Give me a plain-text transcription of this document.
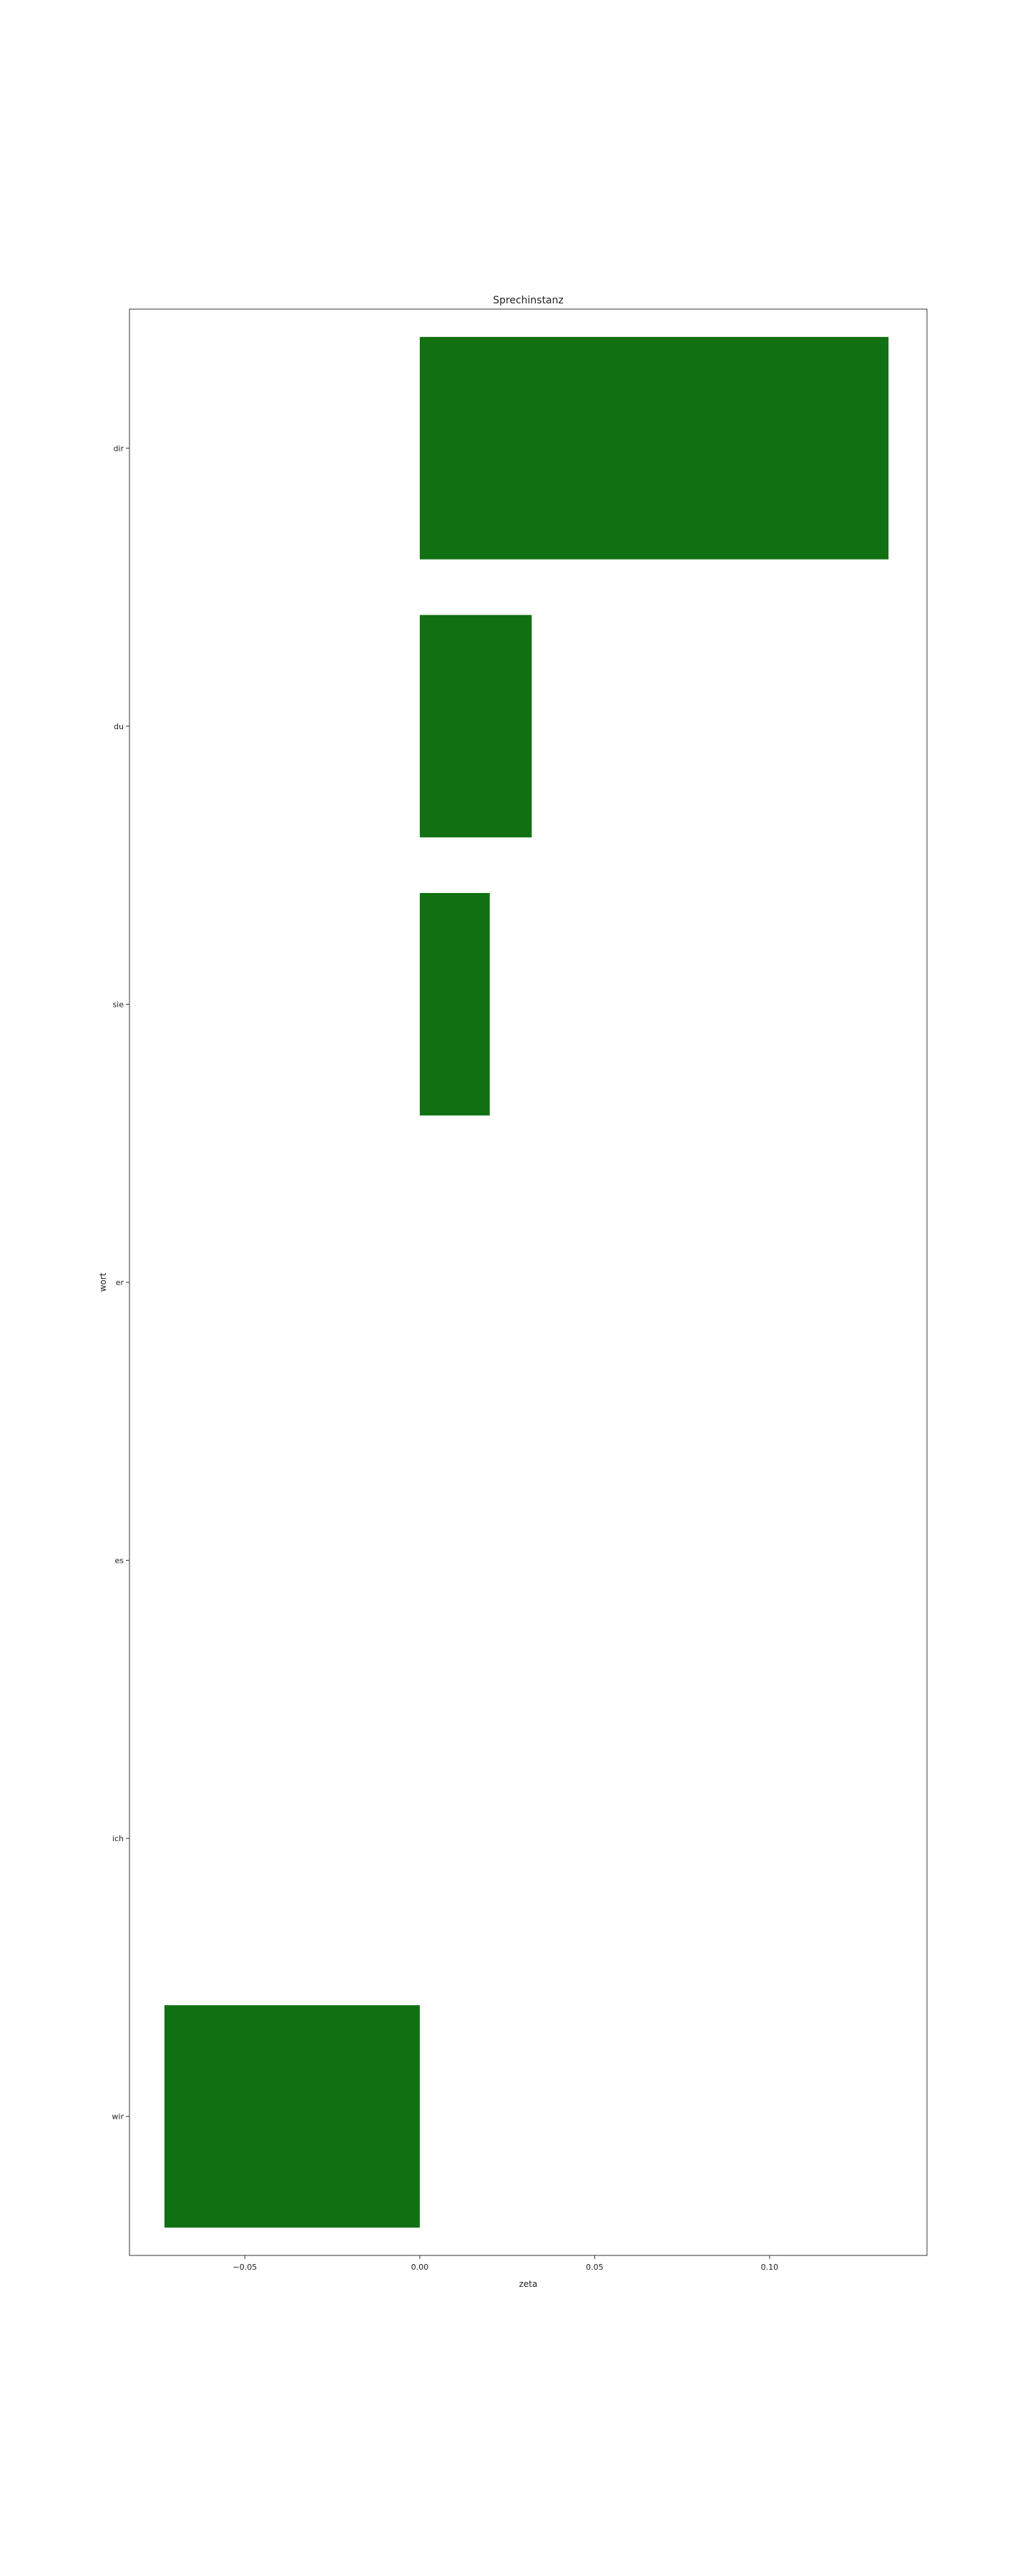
dir
du
sie
er
es
ich
wir
−0.05	0.00	0.05	0.10
Sprechinstanz
zeta
wort
